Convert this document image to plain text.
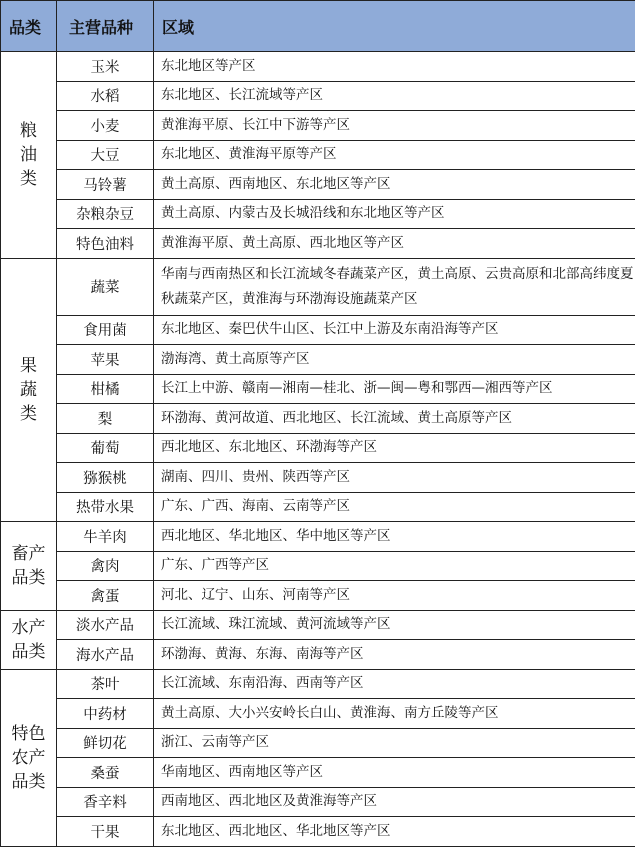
品类	主营品种	区域
粮
油
类	玉米	东北地区等产区
	水稻	东北地区、长江流域等产区
	小麦	黄淮海平原、长江中下游等产区
	大豆	东北地区、黄淮海平原等产区
	马铃薯	黄土高原、西南地区、东北地区等产区
	杂粮杂豆	黄土高原、内蒙古及长城沿线和东北地区等产区
	特色油料	黄淮海平原、黄土高原、西北地区等产区
果
蔬
类	蔬菜	华南与西南热区和长江流域冬春蔬菜产区，黄土高原、云贵高原和北部高纬度夏秋蔬菜产区，黄淮海与环渤海设施蔬菜产区
	食用菌	东北地区、秦巴伏牛山区、长江中上游及东南沿海等产区
	苹果	渤海湾、黄土高原等产区
	柑橘	长江上中游、赣南—湘南—桂北、浙—闽—粤和鄂西—湘西等产区
	梨	环渤海、黄河故道、西北地区、长江流域、黄土高原等产区
	葡萄	西北地区、东北地区、环渤海等产区
	猕猴桃	湖南、四川、贵州、陕西等产区
	热带水果	广东、广西、海南、云南等产区
畜产
品类	牛羊肉	西北地区、华北地区、华中地区等产区
	禽肉	广东、广西等产区
	禽蛋	河北、辽宁、山东、河南等产区
水产
品类	淡水产品	长江流域、珠江流域、黄河流域等产区
	海水产品	环渤海、黄海、东海、南海等产区
特色
农产
品类	茶叶	长江流域、东南沿海、西南等产区
	中药材	黄土高原、大小兴安岭长白山、黄淮海、南方丘陵等产区
	鲜切花	浙江、云南等产区
	桑蚕	华南地区、西南地区等产区
	香辛料	西南地区、西北地区及黄淮海等产区
	干果	东北地区、西北地区、华北地区等产区
